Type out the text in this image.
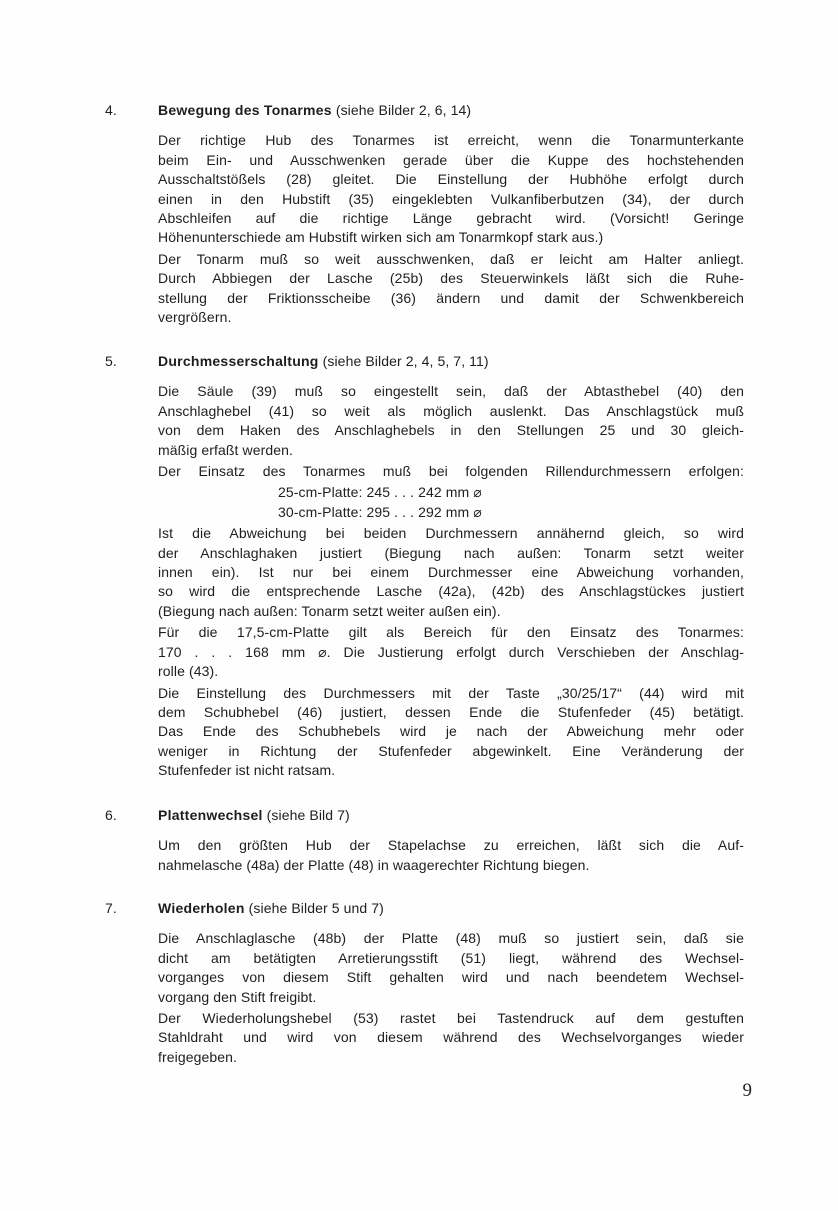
4.	Bewegung des Tonarmes (siehe Bilder 2, 6, 14)
Der richtige Hub des Tonarmes ist erreicht, wenn die Tonarmunterkante
beim Ein- und Ausschwenken gerade über die Kuppe des hochstehenden
Ausschaltstößels (28) gleitet. Die Einstellung der Hubhöhe erfolgt durch
einen in den Hubstift (35) eingeklebten Vulkanfiberbutzen (34), der durch
Abschleifen auf die richtige Länge gebracht wird. (Vorsicht! Geringe
Höhenunterschiede am Hubstift wirken sich am Tonarmkopf stark aus.)
Der Tonarm muß so weit ausschwenken, daß er leicht am Halter anliegt.
Durch Abbiegen der Lasche (25b) des Steuerwinkels läßt sich die Ruhe-
stellung der Friktionsscheibe (36) ändern und damit der Schwenkbereich
vergrößern.
5.	Durchmesserschaltung (siehe Bilder 2, 4, 5, 7, 11)
Die Säule (39) muß so eingestellt sein, daß der Abtasthebel (40) den
Anschlaghebel (41) so weit als möglich auslenkt. Das Anschlagstück muß
von dem Haken des Anschlaghebels in den Stellungen 25 und 30 gleich-
mäßig erfaßt werden.
Der Einsatz des Tonarmes muß bei folgenden Rillendurchmessern erfolgen:
25-cm-Platte: 245 . . . 242 mm ⌀
30-cm-Platte: 295 . . . 292 mm ⌀
Ist die Abweichung bei beiden Durchmessern annähernd gleich, so wird
der Anschlaghaken justiert (Biegung nach außen: Tonarm setzt weiter
innen ein). Ist nur bei einem Durchmesser eine Abweichung vorhanden,
so wird die entsprechende Lasche (42a), (42b) des Anschlagstückes justiert
(Biegung nach außen: Tonarm setzt weiter außen ein).
Für die 17,5-cm-Platte gilt als Bereich für den Einsatz des Tonarmes:
170 . . . 168 mm ⌀. Die Justierung erfolgt durch Verschieben der Anschlag-
rolle (43).
Die Einstellung des Durchmessers mit der Taste „30/25/17“ (44) wird mit
dem Schubhebel (46) justiert, dessen Ende die Stufenfeder (45) betätigt.
Das Ende des Schubhebels wird je nach der Abweichung mehr oder
weniger in Richtung der Stufenfeder abgewinkelt. Eine Veränderung der
Stufenfeder ist nicht ratsam.
6.	Plattenwechsel (siehe Bild 7)
Um den größten Hub der Stapelachse zu erreichen, läßt sich die Auf-
nahmelasche (48a) der Platte (48) in waagerechter Richtung biegen.
7.	Wiederholen (siehe Bilder 5 und 7)
Die Anschlaglasche (48b) der Platte (48) muß so justiert sein, daß sie
dicht am betätigten Arretierungsstift (51) liegt, während des Wechsel-
vorganges von diesem Stift gehalten wird und nach beendetem Wechsel-
vorgang den Stift freigibt.
Der Wiederholungshebel (53) rastet bei Tastendruck auf dem gestuften
Stahldraht und wird von diesem während des Wechselvorganges wieder
freigegeben.
9
